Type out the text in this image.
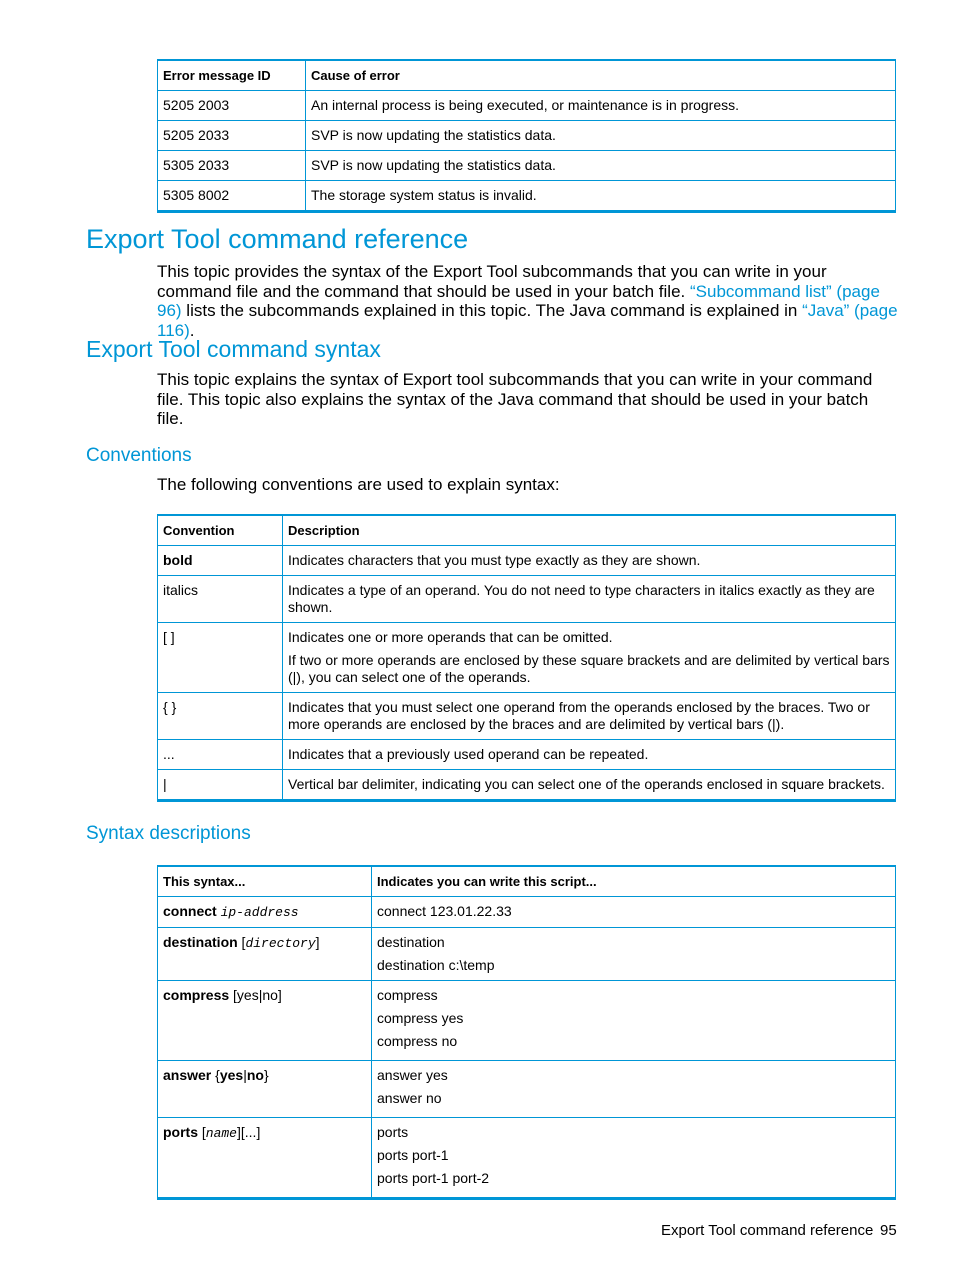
Error message ID	Cause of error
5205 2003	An internal process is being executed, or maintenance is in progress.
5205 2033	SVP is now updating the statistics data.
5305 2033	SVP is now updating the statistics data.
5305 8002	The storage system status is invalid.
Export Tool command reference

This topic provides the syntax of the Export Tool subcommands that you can write in your command file and the command that should be used in your batch file. “Subcommand list” (page 96) lists the subcommands explained in this topic. The Java command is explained in “Java” (page 116).

Export Tool command syntax

This topic explains the syntax of Export tool subcommands that you can write in your command file. This topic also explains the syntax of the Java command that should be used in your batch file.

Conventions

The following conventions are used to explain syntax:

Convention	Description
bold	Indicates characters that you must type exactly as they are shown.
italics	Indicates a type of an operand. You do not need to type characters in italics exactly as they are shown.
[ ]	Indicates one or more operands that can be omitted.

If two or more operands are enclosed by these square brackets and are delimited by vertical bars (|), you can select one of the operands.

{ }	Indicates that you must select one operand from the operands enclosed by the braces. Two or more operands are enclosed by the braces and are delimited by vertical bars (|).
...	Indicates that a previously used operand can be repeated.
|	Vertical bar delimiter, indicating you can select one of the operands enclosed in square brackets.
Syntax descriptions
This syntax...	Indicates you can write this script...
connect ip-address	connect 123.01.22.33

destination [directory]	destination

destination c:\temp

compress [yes|no]	compress

compress yes

compress no

answer {yes|no}	answer yes

answer no

ports [name][...]	ports

ports port-1

ports port-1 port-2

Export Tool command reference 95
